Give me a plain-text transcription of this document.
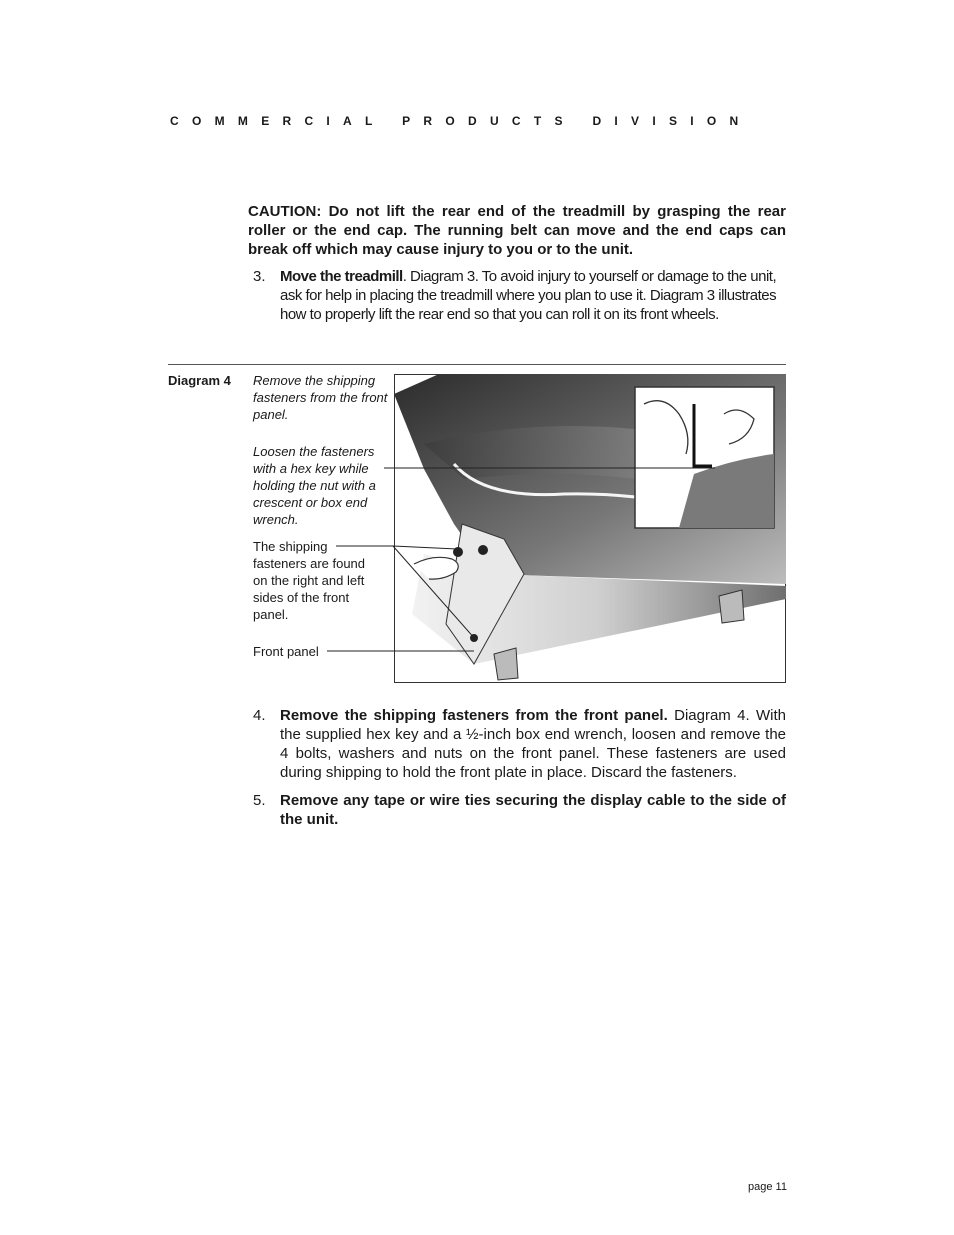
COMMERCIAL PRODUCTS DIVISION
CAUTION: Do not lift the rear end of the treadmill by grasping the rear roller or the end cap. The running belt can move and the end caps can break off which may cause injury to you or to the unit.
3. Move the treadmill. Diagram 3. To avoid injury to yourself or damage to the unit, ask for help in placing the treadmill where you plan to use it. Diagram 3 illustrates how to properly lift the rear end so that you can roll it on its front wheels.
Diagram 4 Remove the shipping fasteners from the front panel.
Loosen the fasteners with a hex key while holding the nut with a crescent or box end wrench.
The shipping fasteners are found on the right and left sides of the front panel.
Front panel
4. Remove the shipping fasteners from the front panel. Diagram 4. With the supplied hex key and a ½-inch box end wrench, loosen and remove the 4 bolts, washers and nuts on the front panel. These fasteners are used during shipping to hold the front plate in place. Discard the fasteners.
5. Remove any tape or wire ties securing the display cable to the side of the unit.
page 11
